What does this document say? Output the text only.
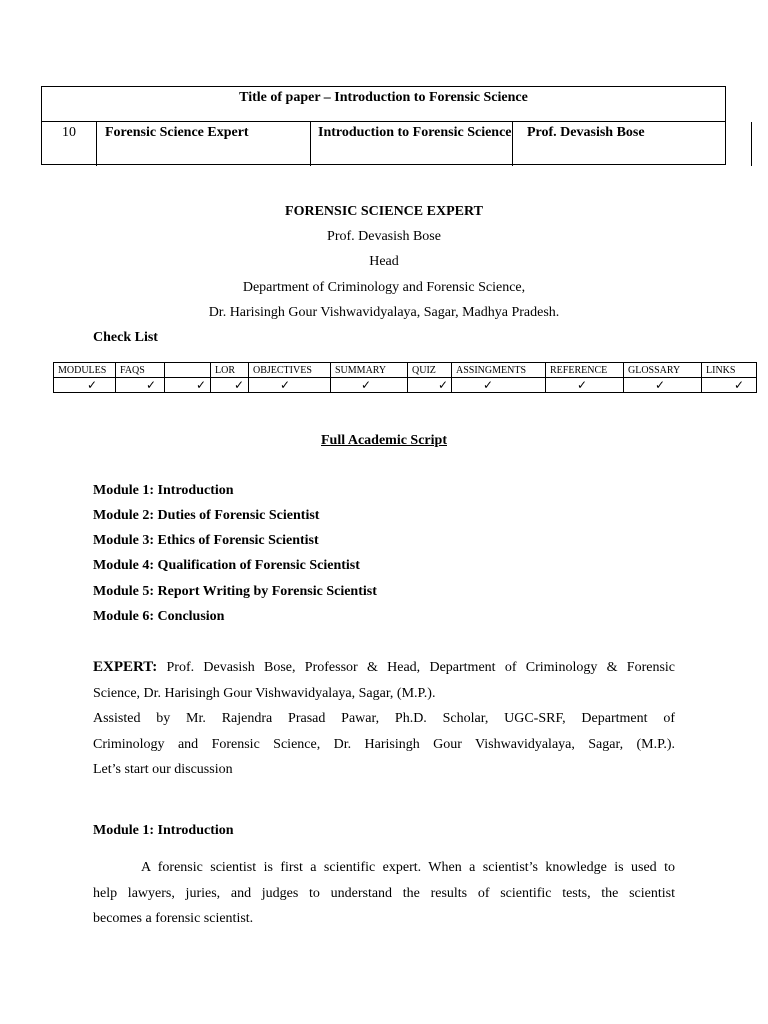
Title of paper – Introduction to Forensic Science
10	Forensic Science Expert	Introduction to Forensic Science	Prof. Devasish Bose
FORENSIC SCIENCE EXPERT
Prof. Devasish Bose
Head
Department of Criminology and Forensic Science,
Dr. Harisingh Gour Vishwavidyalaya, Sagar, Madhya Pradesh.
Check List
MODULES	FAQS		LOR	OBJECTIVES	SUMMARY	QUIZ	ASSINGMENTS	REFERENCE	GLOSSARY	LINKS
✓	✓	✓	✓	✓	✓	✓	✓	✓	✓	✓
Full Academic Script
Module 1: Introduction
Module 2: Duties of Forensic Scientist
Module 3: Ethics of Forensic Scientist
Module 4: Qualification of Forensic Scientist
Module 5: Report Writing by Forensic Scientist
Module 6: Conclusion
EXPERT: Prof. Devasish Bose, Professor & Head, Department of Criminology & Forensic
Science, Dr. Harisingh Gour Vishwavidyalaya, Sagar, (M.P.).
Assisted by Mr. Rajendra Prasad Pawar, Ph.D. Scholar, UGC-SRF, Department of
Criminology and Forensic Science, Dr. Harisingh Gour Vishwavidyalaya, Sagar, (M.P.).
Let’s start our discussion
Module 1: Introduction
A forensic scientist is first a scientific expert. When a scientist’s knowledge is used to
help lawyers, juries, and judges to understand the results of scientific tests, the scientist
becomes a forensic scientist.
